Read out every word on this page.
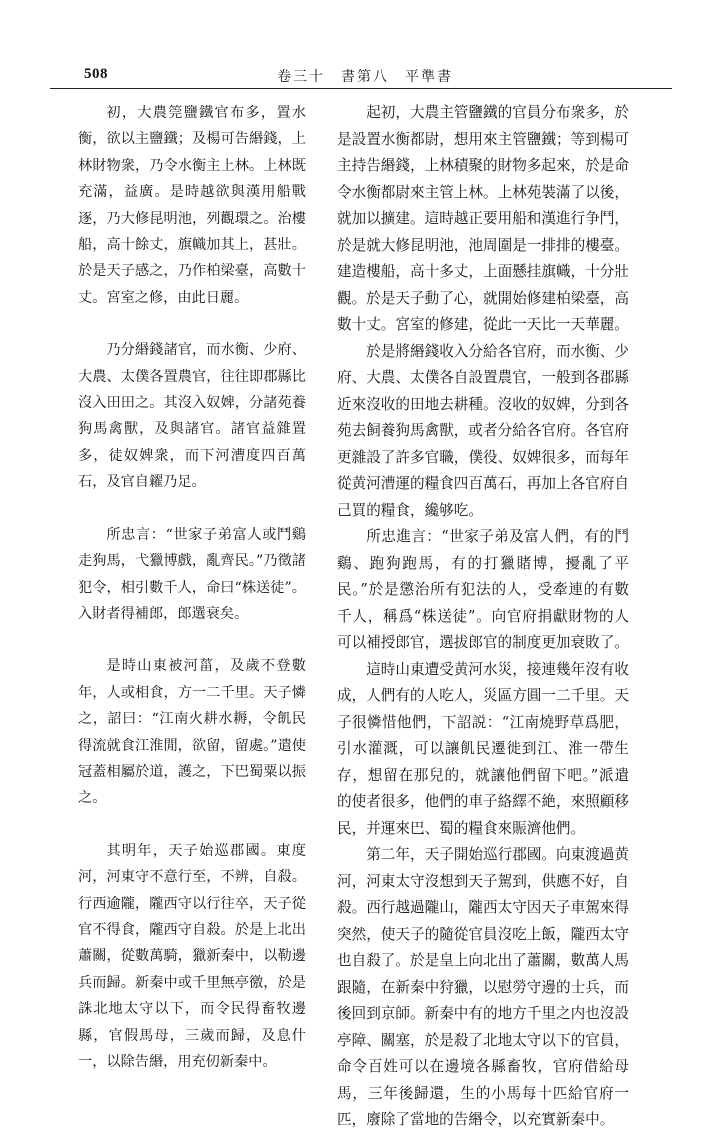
508	卷三十　書第八　平準書

初，大農筦鹽鐵官布多，置水衡，欲以主鹽鐵；及楊可告緡錢，上林財物衆，乃令水衡主上林。上林既充滿，益廣。是時越欲與漢用船戰逐，乃大修昆明池，列觀環之。治樓船，高十餘丈，旗幟加其上，甚壯。於是天子感之，乃作柏梁臺，高數十丈。宮室之修，由此日麗。

乃分緡錢諸官，而水衡、少府、大農、太僕各置農官，往往即郡縣比沒入田田之。其沒入奴婢，分諸苑養狗馬禽獸，及與諸官。諸官益雜置多，徒奴婢衆，而下河漕度四百萬石，及官自糴乃足。

所忠言：“世家子弟富人或鬥鷄走狗馬，弋獵博戲，亂齊民。”乃徵諸犯令，相引數千人，命曰“株送徒”。入財者得補郎，郎選衰矣。

是時山東被河菑，及歲不登數年，人或相食，方一二千里。天子憐之，詔曰：“江南火耕水耨，令飢民得流就食江淮閒，欲留，留處。”遣使冠蓋相屬於道，護之，下巴蜀粟以振之。

其明年，天子始巡郡國。東度河，河東守不意行至，不辨，自殺。行西逾隴，隴西守以行往卒，天子從官不得食，隴西守自殺。於是上北出蕭關，從數萬騎，獵新秦中，以勒邊兵而歸。新秦中或千里無亭徼，於是誅北地太守以下，而令民得畜牧邊縣，官假馬母，三歲而歸，及息什一，以除告緡，用充仞新秦中。

起初，大農主管鹽鐵的官員分布衆多，於是設置水衡都尉，想用來主管鹽鐵；等到楊可主持告緡錢，上林積聚的財物多起來，於是命令水衡都尉來主管上林。上林苑裝滿了以後，就加以擴建。這時越正要用船和漢進行争鬥，於是就大修昆明池，池周圍是一排排的樓臺。建造樓船，高十多丈，上面懸挂旗幟，十分壯觀。於是天子動了心，就開始修建柏梁臺，高數十丈。宮室的修建，從此一天比一天華麗。

於是將緡錢收入分給各官府，而水衡、少府、大農、太僕各自設置農官，一般到各郡縣近來沒收的田地去耕種。沒收的奴婢，分到各苑去飼養狗馬禽獸，或者分給各官府。各官府更雜設了許多官職，僕役、奴婢很多，而每年從黄河漕運的糧食四百萬石，再加上各官府自己買的糧食，纔够吃。

所忠進言：“世家子弟及富人們，有的鬥鷄、跑狗跑馬，有的打獵賭博，擾亂了平民。”於是懲治所有犯法的人，受牽連的有數千人，稱爲“株送徒”。向官府捐獻財物的人可以補授郎官，選拔郎官的制度更加衰敗了。

這時山東遭受黄河水災，接連幾年沒有收成，人們有的人吃人，災區方圓一二千里。天子很憐惜他們，下詔説：“江南燒野草爲肥，引水灌溉，可以讓飢民遷徙到江、淮一帶生存，想留在那兒的，就讓他們留下吧。”派遣的使者很多，他們的車子絡繹不絶，來照顧移民，并運來巴、蜀的糧食來賑濟他們。

第二年，天子開始巡行郡國。向東渡過黄河，河東太守沒想到天子駕到，供應不好，自殺。西行越過隴山，隴西太守因天子車駕來得突然，使天子的隨從官員沒吃上飯，隴西太守也自殺了。於是皇上向北出了蕭關，數萬人馬跟隨，在新秦中狩獵，以慰勞守邊的士兵，而後回到京師。新秦中有的地方千里之内也沒設亭障、關塞，於是殺了北地太守以下的官員，命令百姓可以在邊境各縣畜牧，官府借給母馬，三年後歸還，生的小馬每十匹給官府一匹，廢除了當地的告緡令，以充實新秦中。
